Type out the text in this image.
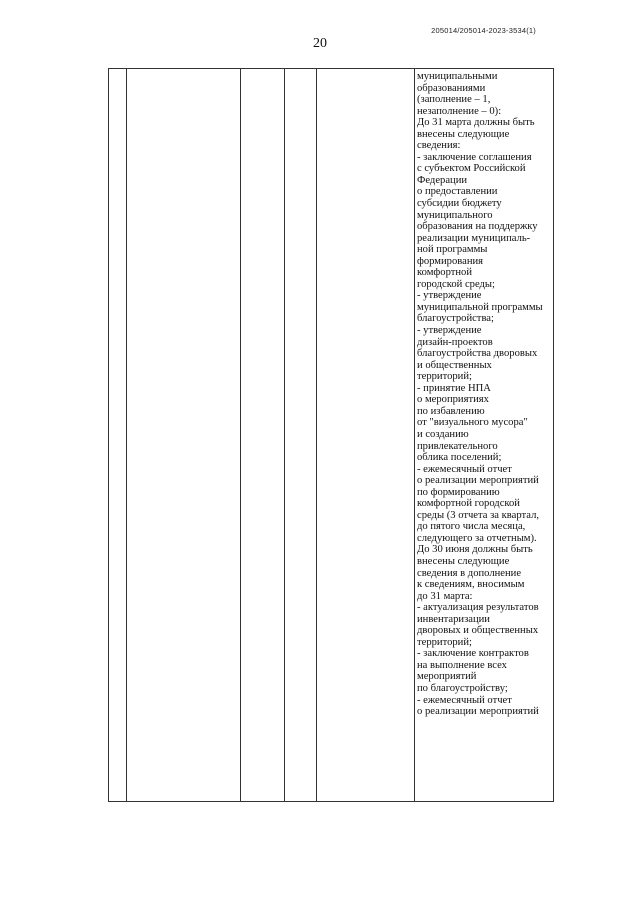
205014/205014-2023-3534(1)
20
муниципальными
образованиями
(заполнение – 1,
незаполнение – 0):
До 31 марта должны быть
внесены следующие
сведения:
- заключение соглашения
с субъектом Российской
Федерации
о предоставлении
субсидии бюджету
муниципального
образования на поддержку
реализации муниципаль-
ной программы
формирования
комфортной
городской среды;
- утверждение
муниципальной программы
благоустройства;
- утверждение
дизайн-проектов
благоустройства дворовых
и общественных
территорий;
- принятие НПА
о мероприятиях
по избавлению
от "визуального мусора"
и созданию
привлекательного
облика поселений;
- ежемесячный отчет
о реализации мероприятий
по формированию
комфортной городской
среды (3 отчета за квартал,
до пятого числа месяца,
следующего за отчетным).
До 30 июня должны быть
внесены следующие
сведения в дополнение
к сведениям, вносимым
до 31 марта:
- актуализация результатов
инвентаризации
дворовых и общественных
территорий;
- заключение контрактов
на выполнение всех
мероприятий
по благоустройству;
- ежемесячный отчет
о реализации мероприятий
